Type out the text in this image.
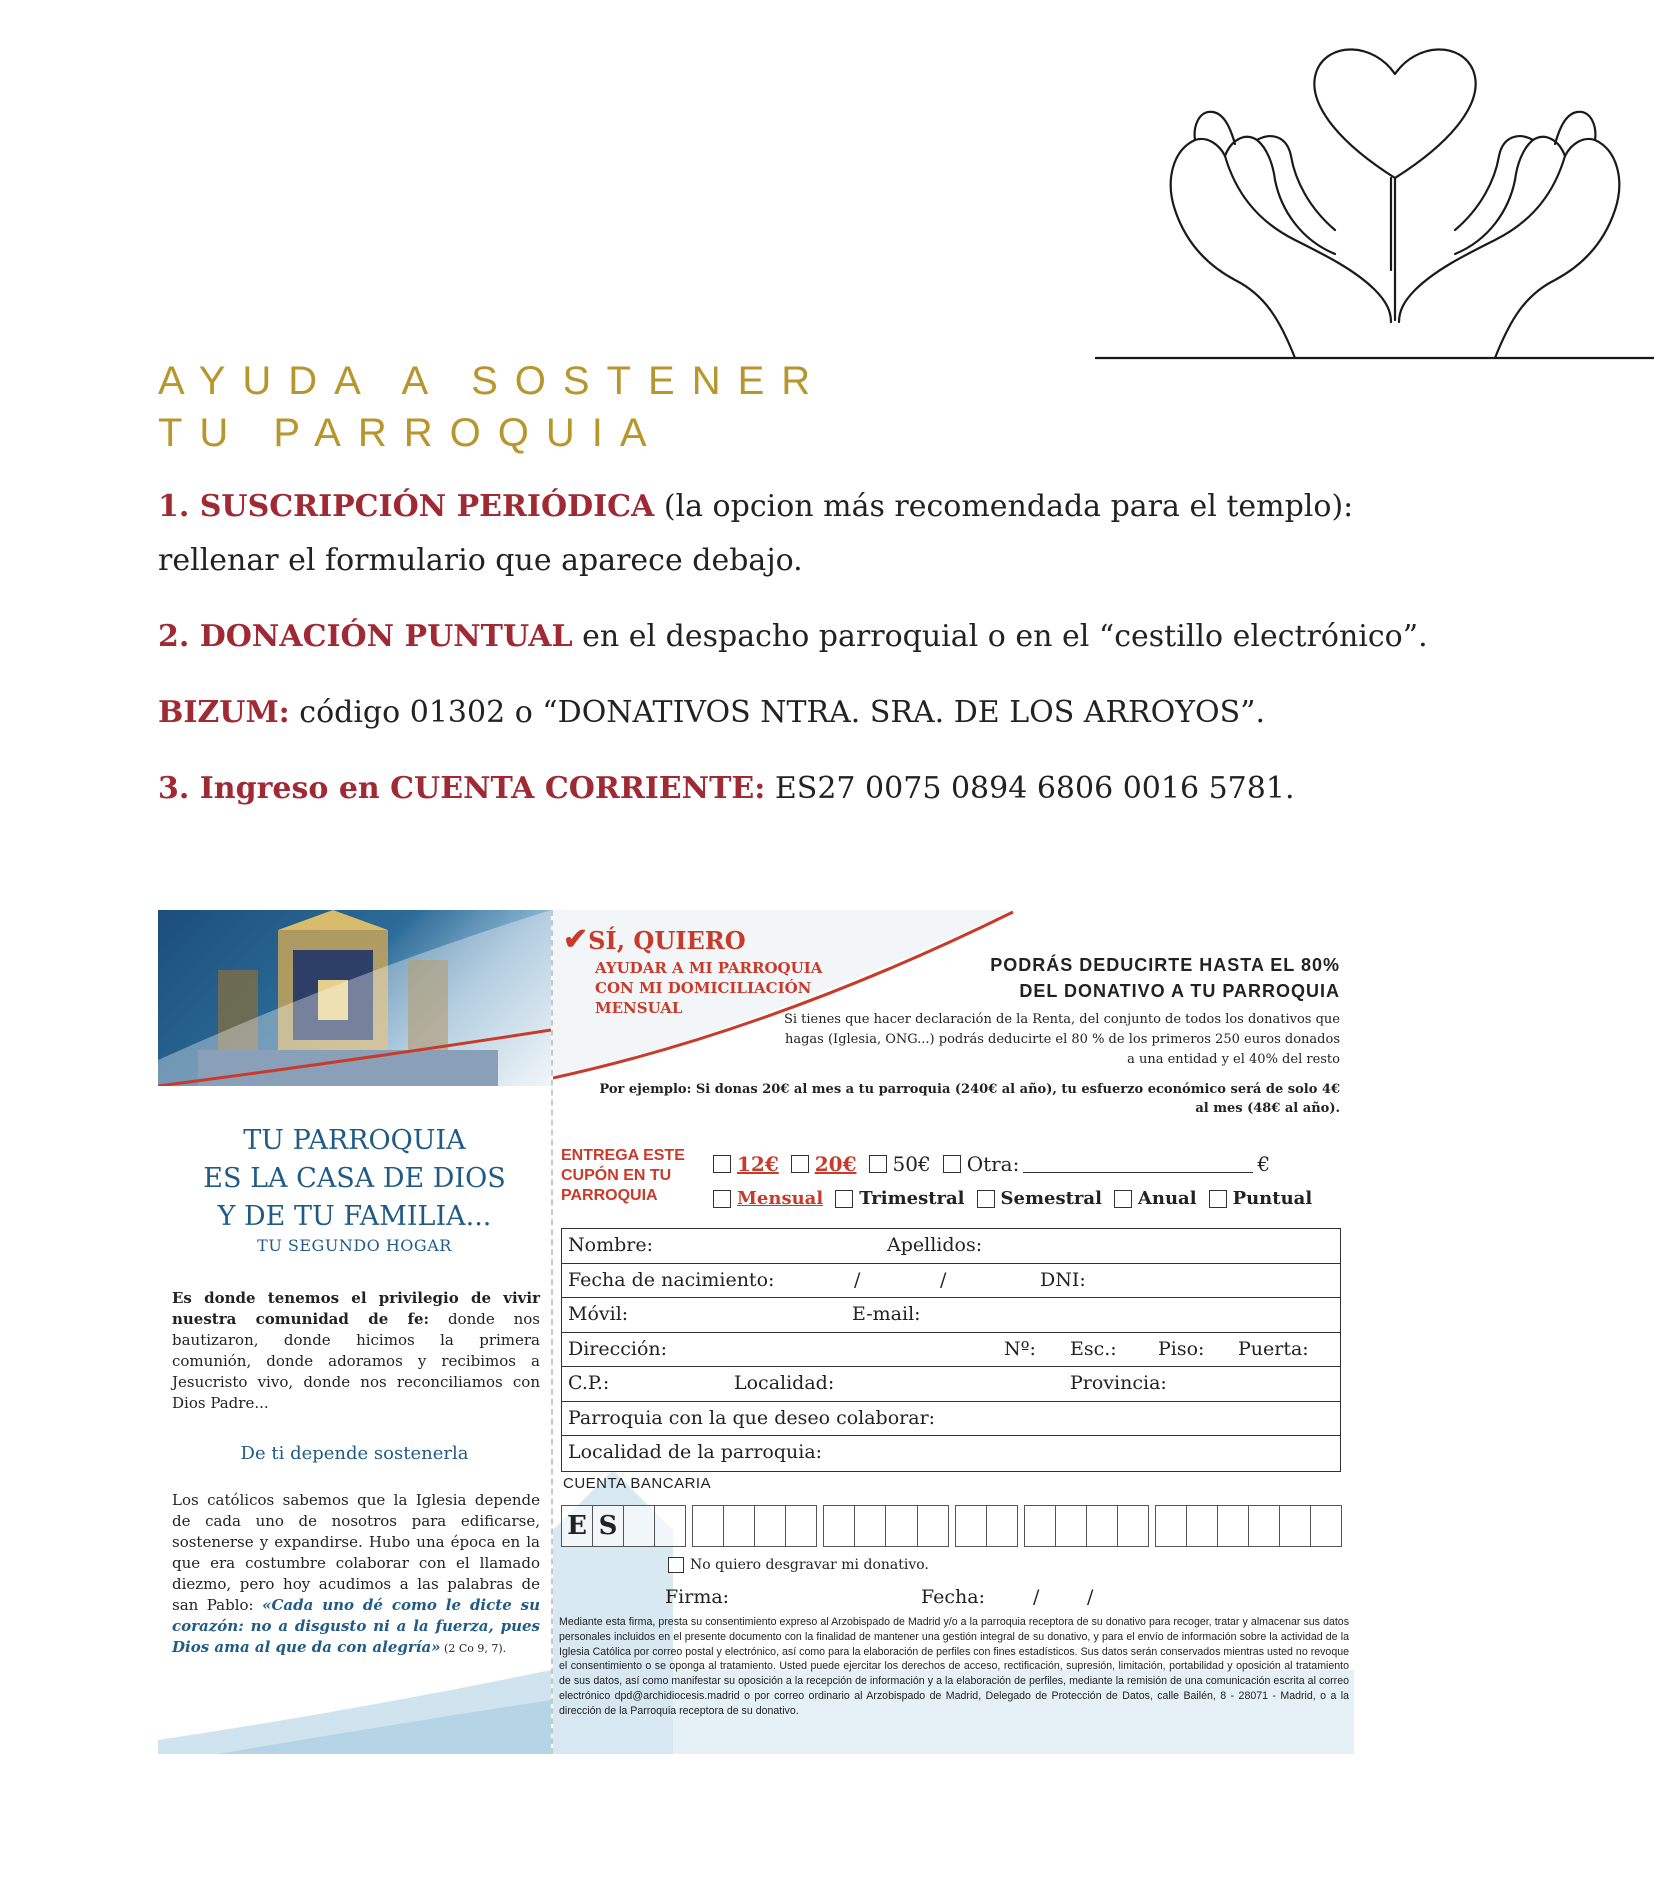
AYUDA A SOSTENER
TU PARROQUIA

1. SUSCRIPCIÓN PERIÓDICA (la opcion más recomendada para el templo): rellenar el formulario que aparece debajo.

2. DONACIÓN PUNTUAL en el despacho parroquial o en el “cestillo electrónico”.

BIZUM: código 01302 o “DONATIVOS NTRA. SRA. DE LOS ARROYOS”.

3. Ingreso en CUENTA CORRIENTE: ES27 0075 0894 6806 0016 5781.

TU PARROQUIA
ES LA CASA DE DIOS
Y DE TU FAMILIA...
TU SEGUNDO HOGAR
Es donde tenemos el privilegio de vivir nuestra comunidad de fe: donde nos bautizaron, donde hicimos la primera comunión, donde adoramos y recibimos a Jesucristo vivo, donde nos reconciliamos con Dios Padre...
De ti depende sostenerla
Los católicos sabemos que la Iglesia depende de cada uno de nosotros para edificarse, sostenerse y expandirse. Hubo una época en la que era costumbre colaborar con el llamado diezmo, pero hoy acudimos a las palabras de san Pablo: «Cada uno dé como le dicte su corazón: no a disgusto ni a la fuerza, pues Dios ama al que da con alegría» (2 Co 9, 7).
✔SÍ, QUIERO
AYUDAR A MI PARROQUIA
CON MI DOMICILIACIÓN
MENSUAL
PODRÁS DEDUCIRTE HASTA EL 80%
DEL DONATIVO A TU PARROQUIA
Si tienes que hacer declaración de la Renta, del conjunto de todos los donativos que hagas (Iglesia, ONG...) podrás deducirte el 80 % de los primeros 250 euros donados a una entidad y el 40% del resto
Por ejemplo: Si donas 20€ al mes a tu parroquia (240€ al año), tu esfuerzo económico será de solo 4€ al mes (48€ al año).
ENTREGA ESTE
CUPÓN EN TU
PARROQUIA
12€ 20€ 50€ Otra:	€
Mensual Trimestral Semestral Anual Puntual
Nombre:	Apellidos:
Fecha de nacimiento:	/	/	DNI:
Móvil:	E-mail:
Dirección:	Nº: Esc.: Piso: Puerta:
C.P.:	Localidad:	Provincia:
Parroquia con la que deseo colaborar:
Localidad de la parroquia:
CUENTA BANCARIA
E S
No quiero desgravar mi donativo.
Firma:	Fecha:	/	/
Mediante esta firma, presta su consentimiento expreso al Arzobispado de Madrid y/o a la parroquia receptora de su donativo para recoger, tratar y almacenar sus datos personales incluidos en el presente documento con la finalidad de mantener una gestión integral de su donativo, y para el envío de información sobre la actividad de la Iglesia Católica por correo postal y electrónico, así como para la elaboración de perfiles con fines estadísticos. Sus datos serán conservados mientras usted no revoque el consentimiento o se oponga al tratamiento. Usted puede ejercitar los derechos de acceso, rectificación, supresión, limitación, portabilidad y oposición al tratamiento de sus datos, así como manifestar su oposición a la recepción de información y a la elaboración de perfiles, mediante la remisión de una comunicación escrita al correo electrónico dpd@archidiocesis.madrid o por correo ordinario al Arzobispado de Madrid, Delegado de Protección de Datos, calle Bailén, 8 - 28071 - Madrid, o a la dirección de la Parroquia receptora de su donativo.
